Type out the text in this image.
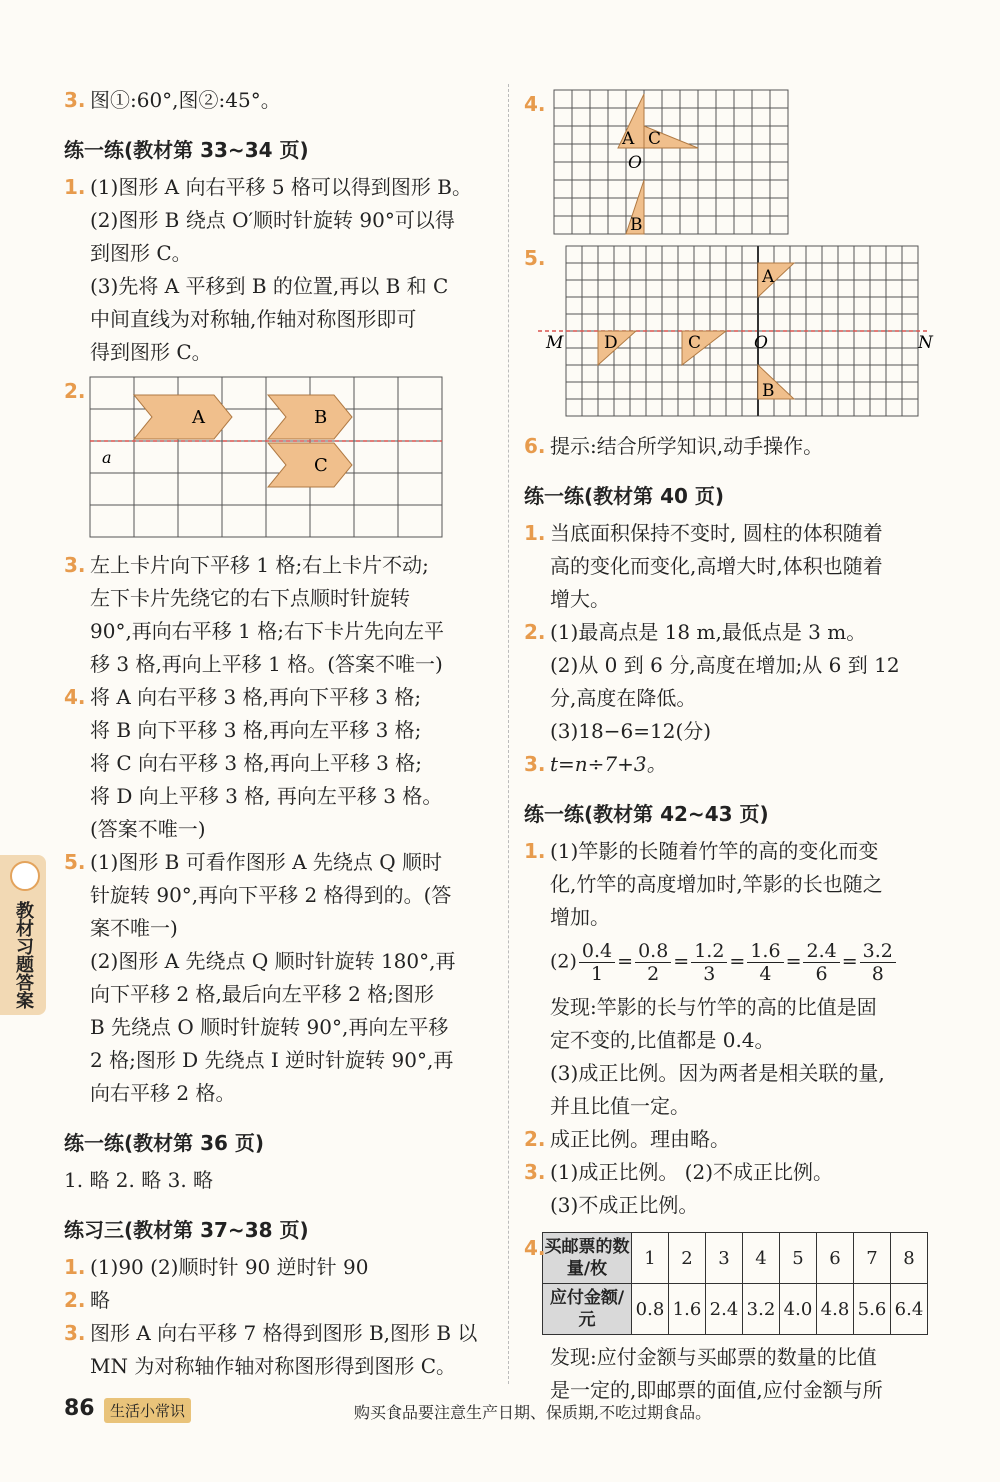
3. 图①:60°,图②:45°。
练一练(教材第 33~34 页)
1. (1)图形 A 向右平移 5 格可以得到图形 B。
(2)图形 B 绕点 O′顺时针旋转 90°可以得
到图形 C。
(3)先将 A 平移到 B 的位置,再以 B 和 C
中间直线为对称轴,作轴对称图形即可
得到图形 C。
2.
A	B
C
a
3. 左上卡片向下平移 1 格;右上卡片不动;
左下卡片先绕它的右下点顺时针旋转
90°,再向右平移 1 格;右下卡片先向左平
移 3 格,再向上平移 1 格。(答案不唯一)
4. 将 A 向右平移 3 格,再向下平移 3 格;
将 B 向下平移 3 格,再向左平移 3 格;
将 C 向右平移 3 格,再向上平移 3 格;
将 D 向上平移 3 格, 再向左平移 3 格。
(答案不唯一)
5. (1)图形 B 可看作图形 A 先绕点 Q 顺时
针旋转 90°,再向下平移 2 格得到的。(答
案不唯一)
(2)图形 A 先绕点 Q 顺时针旋转 180°,再
向下平移 2 格,最后向左平移 2 格;图形
B 先绕点 O 顺时针旋转 90°,再向左平移
2 格;图形 D 先绕点 I 逆时针旋转 90°,再
向右平移 2 格。
练一练(教材第 36 页)
1. 略 2. 略 3. 略
练习三(教材第 37~38 页)
1. (1)90 (2)顺时针 90 逆时针 90
2. 略
3. 图形 A 向右平移 7 格得到图形 B,图形 B 以
MN 为对称轴作轴对称图形得到图形 C。
4.
A C
O
B
5.
M	N
O
A
B
D	C
6. 提示:结合所学知识,动手操作。
练一练(教材第 40 页)
1. 当底面积保持不变时, 圆柱的体积随着
高的变化而变化,高增大时,体积也随着
增大。
2. (1)最高点是 18 m,最低点是 3 m。
(2)从 0 到 6 分,高度在增加;从 6 到 12
分,高度在降低。
(3)18−6=12(分)
3. t=n÷7+3。
练一练(教材第 42~43 页)
1. (1)竿影的长随着竹竿的高的变化而变
化,竹竿的高度增加时,竿影的长也随之
增加。
$(2) \frac{0.4}{1} = \frac{0.8}{2} = \frac{1.2}{3} = \frac{1.6}{4} = \frac{2.4}{6} = \frac{3.2}{8}$
发现:竿影的长与竹竿的高的比值是固
定不变的,比值都是 0.4。
(3)成正比例。因为两者是相关联的量,
并且比值一定。
2. 成正比例。理由略。
3. (1)成正比例。 (2)不成正比例。
(3)不成正比例。
4.
买邮票的数量/枚	1	2	3	4	5	6	7	8
应付金额/元	0.8	1.6	2.4	3.2	4.0	4.8	5.6	6.4
发现:应付金额与买邮票的数量的比值
是一定的,即邮票的面值,应付金额与所
教材习题答案
86	生活小常识	购买食品要注意生产日期、保质期,不吃过期食品。
